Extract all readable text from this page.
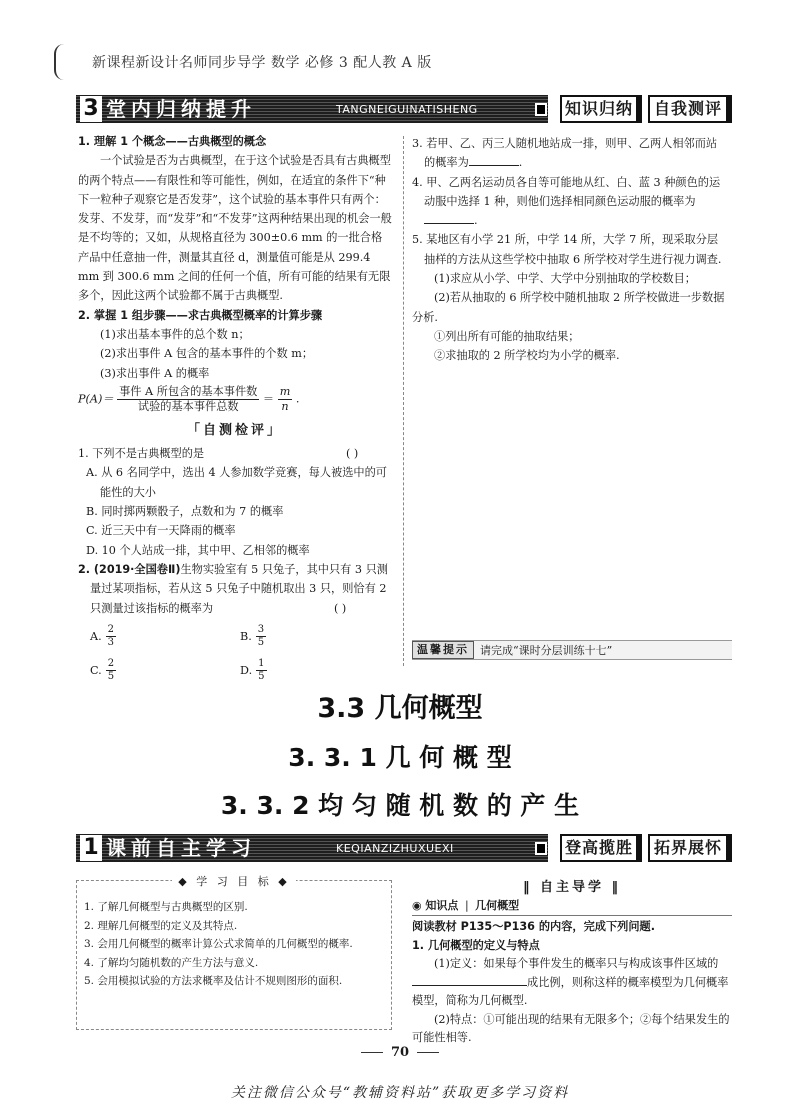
新课程新设计名师同步导学 数学 必修 3 配人教 A 版
3 堂内归纳提升	TANGNEIGUINATISHENG	知识归纳	自我测评

1. 理解 1 个概念——古典概型的概念

一个试验是否为古典概型，在于这个试验是否具有古典概型的两个特点——有限性和等可能性，例如，在适宜的条件下“种下一粒种子观察它是否发芽”，这个试验的基本事件只有两个：发芽、不发芽，而“发芽”和“不发芽”这两种结果出现的机会一般是不均等的；又如，从规格直径为 300±0.6 mm 的一批合格产品中任意抽一件，测量其直径 d，测量值可能是从 299.4 mm 到 300.6 mm 之间的任何一个值，所有可能的结果有无限多个，因此这两个试验都不属于古典概型.

2. 掌握 1 组步骤——求古典概型概率的计算步骤

(1)求出基本事件的总个数 n；

(2)求出事件 A 包含的基本事件的个数 m；

(3)求出事件 A 的概率

$P(A)= \frac{\text{事件 A 所包含的基本事件数}}{\text{试验的基本事件总数}} = \frac{m}{n}$ .
「自测检评」

( )
1. 下列不是古典概型的是

A. 从 6 名同学中，选出 4 人参加数学竞赛，每人被选中的可能性的大小

B. 同时掷两颗骰子，点数和为 7 的概率

C. 近三天中有一天降雨的概率

D. 10 个人站成一排，其中甲、乙相邻的概率

2. (2019·全国卷Ⅱ)生物实验室有 5 只兔子，其中只有 3 只测量过某项指标，若从这 5 只兔子中随机取出 3 只，则恰有 2 只测量过该指标的概率为	( )

A. $\frac{2}{3}$	B. $\frac{3}{5}$
C. $\frac{2}{5}$	D. $\frac{1}{5}$

3. 若甲、乙、丙三人随机地站成一排，则甲、乙两人相邻而站的概率为	.

4. 甲、乙两名运动员各自等可能地从红、白、蓝 3 种颜色的运动服中选择 1 种，则他们选择相同颜色运动服的概率为.

5. 某地区有小学 21 所，中学 14 所，大学 7 所，现采取分层抽样的方法从这些学校中抽取 6 所学校对学生进行视力调查.

(1)求应从小学、中学、大学中分别抽取的学校数目；

(2)若从抽取的 6 所学校中随机抽取 2 所学校做进一步数据分析.

①列出所有可能的抽取结果；

②求抽取的 2 所学校均为小学的概率.

温馨提示	请完成“课时分层训练十七”
3.3 几何概型
3. 3. 1 几 何 概 型
3. 3. 2 均 匀 随 机 数 的 产 生
1 课前自主学习	KEQIANZIZHUXUEXI	登高揽胜	拓界展怀
◆ 学 习 目 标 ◆

1. 了解几何概型与古典概型的区别.

2. 理解几何概型的定义及其特点.

3. 会用几何概型的概率计算公式求简单的几何概型的概率.

4. 了解均匀随机数的产生方法与意义.

5. 会用模拟试验的方法求概率及估计不规则图形的面积.

‖ 自主导学 ‖
◉ 知识点 | 几何概型

阅读教材 P135～P136 的内容，完成下列问题.

1. 几何概型的定义与特点

(1)定义：如果每个事件发生的概率只与构成该事件区域的成比例，则称这样的概率模型为几何概率模型，简称为几何概型.

(2)特点：①可能出现的结果有无限多个；②每个结果发生的可能性相等.

70
关注微信公众号“教辅资料站”获取更多学习资料
